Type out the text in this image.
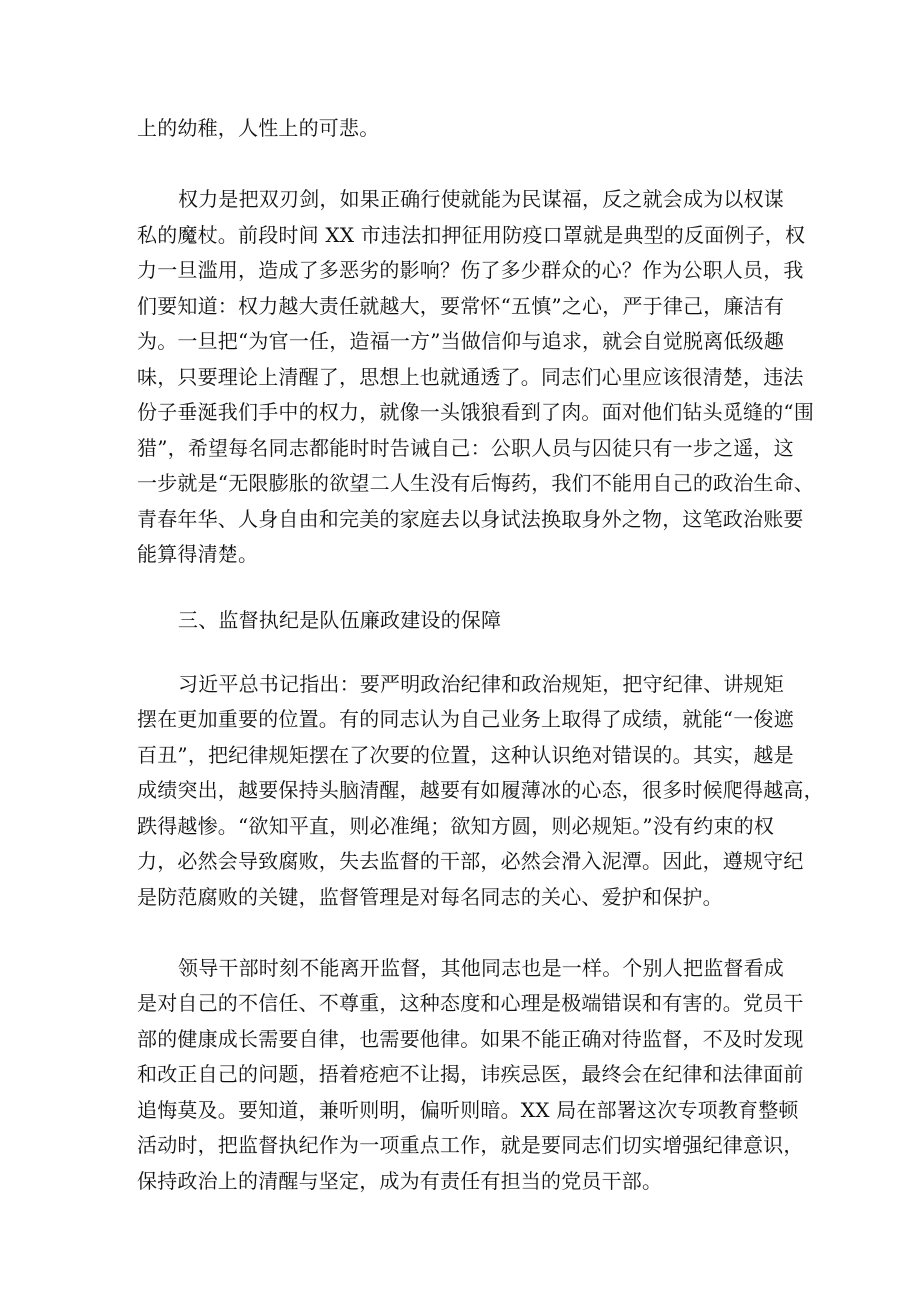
上的幼稚，人性上的可悲。
权力是把双刃剑，如果正确行使就能为民谋福，反之就会成为以权谋
私的魔杖。前段时间 XX 市违法扣押征用防疫口罩就是典型的反面例子，权
力一旦滥用，造成了多恶劣的影响？伤了多少群众的心？作为公职人员，我
们要知道：权力越大责任就越大，要常怀“五慎”之心，严于律己，廉洁有
为。一旦把“为官一任，造福一方”当做信仰与追求，就会自觉脱离低级趣
味，只要理论上清醒了，思想上也就通透了。同志们心里应该很清楚，违法
份子垂涎我们手中的权力，就像一头饿狼看到了肉。面对他们钻头觅缝的“围
猎”，希望每名同志都能时时告诫自己：公职人员与囚徒只有一步之遥，这
一步就是“无限膨胀的欲望二人生没有后悔药，我们不能用自己的政治生命、
青春年华、人身自由和完美的家庭去以身试法换取身外之物，这笔政治账要
能算得清楚。
三、监督执纪是队伍廉政建设的保障
习近平总书记指出：要严明政治纪律和政治规矩，把守纪律、讲规矩
摆在更加重要的位置。有的同志认为自己业务上取得了成绩，就能“一俊遮
百丑”，把纪律规矩摆在了次要的位置，这种认识绝对错误的。其实，越是
成绩突出，越要保持头脑清醒，越要有如履薄冰的心态，很多时候爬得越高，
跌得越惨。“欲知平直，则必准绳；欲知方圆，则必规矩。”没有约束的权
力，必然会导致腐败，失去监督的干部，必然会滑入泥潭。因此，遵规守纪
是防范腐败的关键，监督管理是对每名同志的关心、爱护和保护。
领导干部时刻不能离开监督，其他同志也是一样。个别人把监督看成
是对自己的不信任、不尊重，这种态度和心理是极端错误和有害的。党员干
部的健康成长需要自律，也需要他律。如果不能正确对待监督，不及时发现
和改正自己的问题，捂着疮疤不让揭，讳疾忌医，最终会在纪律和法律面前
追悔莫及。要知道，兼听则明，偏听则暗。XX 局在部署这次专项教育整顿
活动时，把监督执纪作为一项重点工作，就是要同志们切实增强纪律意识，
保持政治上的清醒与坚定，成为有责任有担当的党员干部。
